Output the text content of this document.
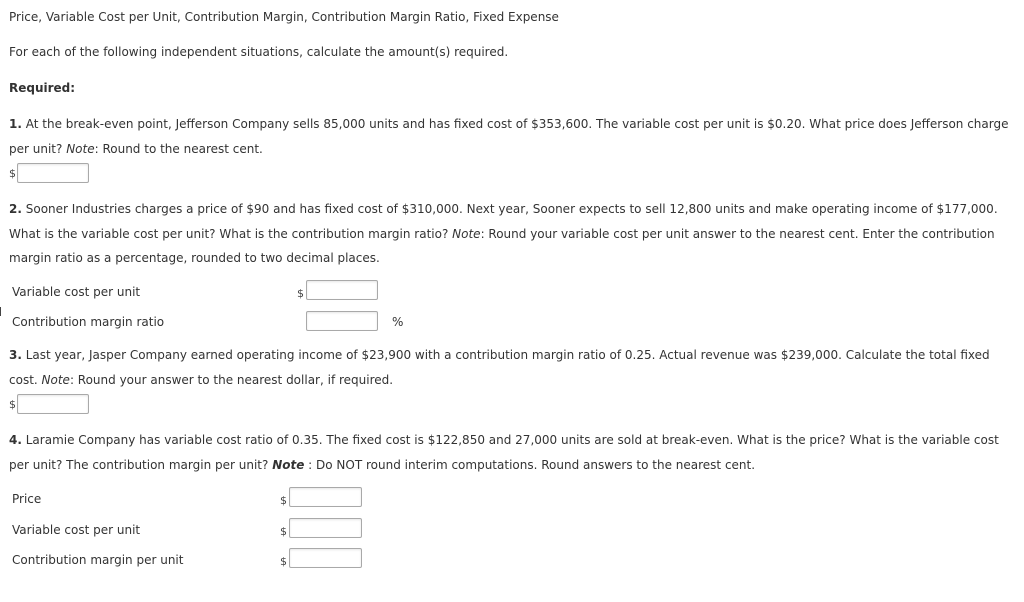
Price, Variable Cost per Unit, Contribution Margin, Contribution Margin Ratio, Fixed Expense
For each of the following independent situations, calculate the amount(s) required.
Required:
1. At the break-even point, Jefferson Company sells 85,000 units and has fixed cost of $353,600. The variable cost per unit is $0.20. What price does Jefferson charge per unit? Note: Round to the nearest cent.
$
2. Sooner Industries charges a price of $90 and has fixed cost of $310,000. Next year, Sooner expects to sell 12,800 units and make operating income of $177,000. What is the variable cost per unit? What is the contribution margin ratio? Note: Round your variable cost per unit answer to the nearest cent. Enter the contribution margin ratio as a percentage, rounded to two decimal places.
Variable cost per unit	$
Contribution margin ratio	%
3. Last year, Jasper Company earned operating income of $23,900 with a contribution margin ratio of 0.25. Actual revenue was $239,000. Calculate the total fixed cost. Note: Round your answer to the nearest dollar, if required.
$
4. Laramie Company has variable cost ratio of 0.35. The fixed cost is $122,850 and 27,000 units are sold at break-even. What is the price? What is the variable cost per unit? The contribution margin per unit? Note : Do NOT round interim computations. Round answers to the nearest cent.
Price	$
Variable cost per unit	$
Contribution margin per unit	$
